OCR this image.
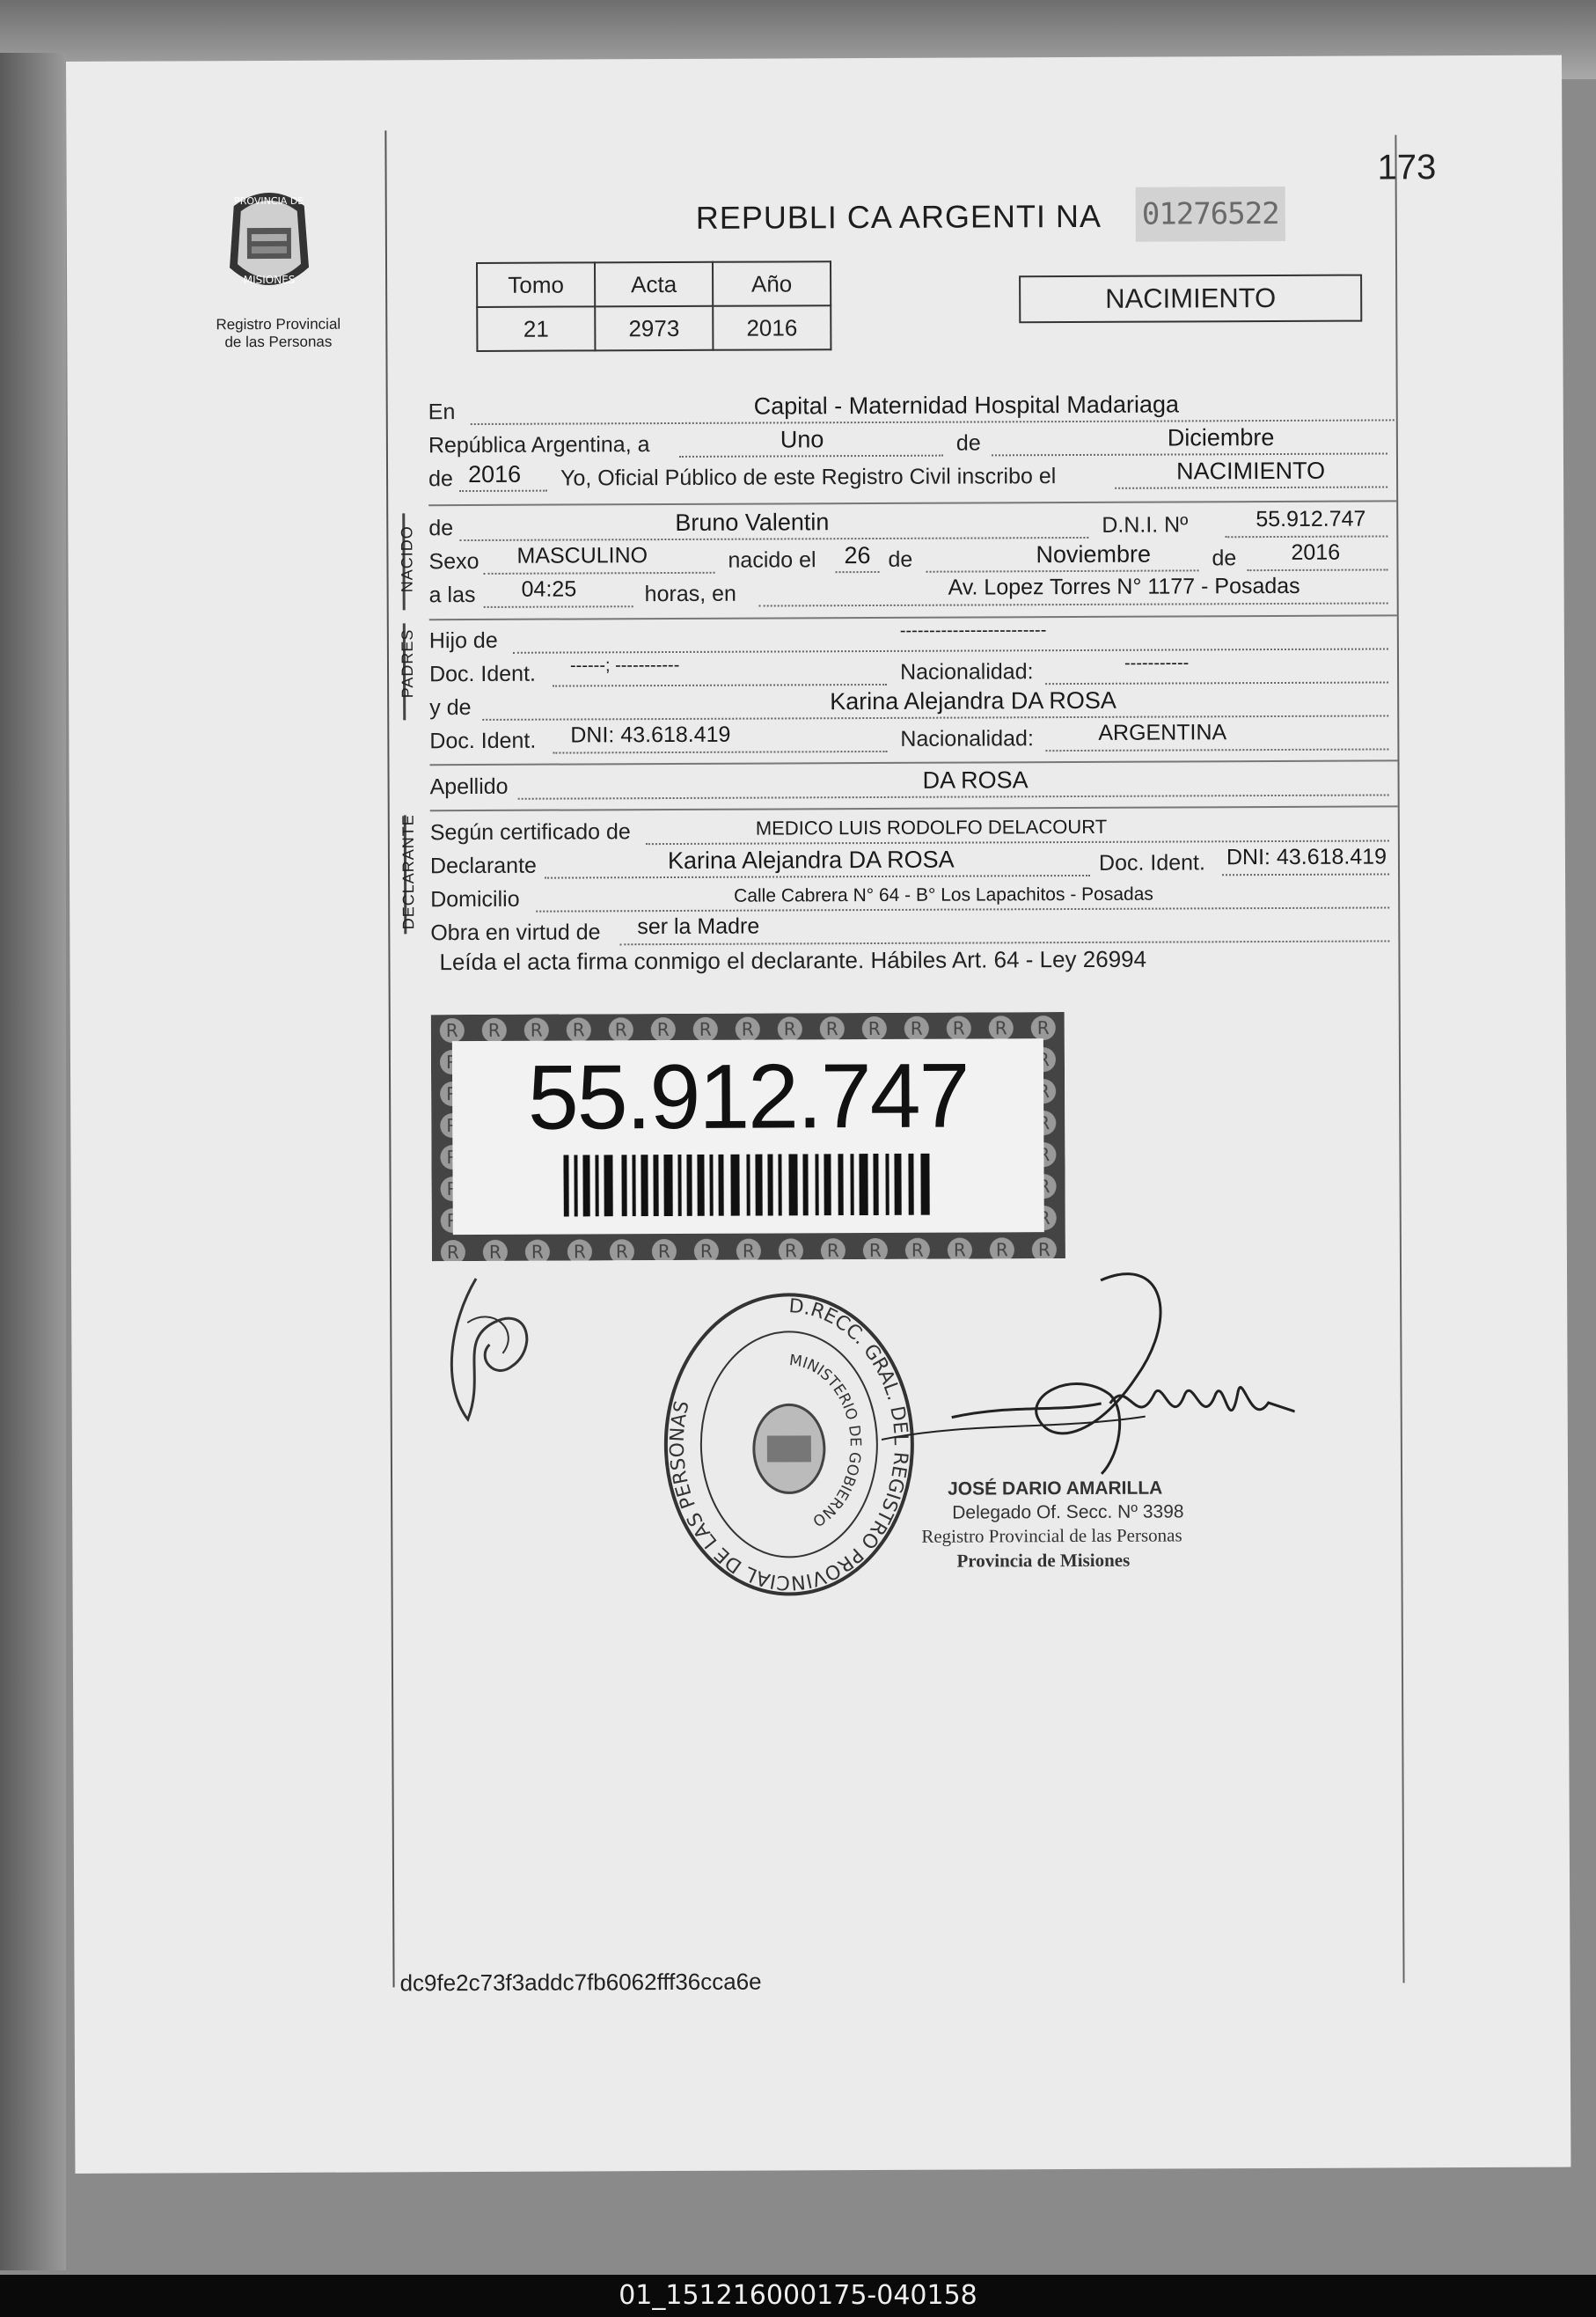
173
PROVINCIA DE
MISIONES
Registro Provincial
de las Personas
REPUBLI CA ARGENTI NA 01276522
Tomo	Acta	Año
21	2973	2016
NACIMIENTO
En	Capital - Maternidad Hospital Madariaga
República Argentina, a	Uno	de	Diciembre
de 2016 Yo, Oficial Público de este Registro Civil inscribo el	NACIMIENTO
NACIDO de	Bruno Valentin	D.N.I. Nº	55.912.747
Sexo MASCULINO	nacido el 26 de	Noviembre	de 2016
a las 04:25	horas, en	Av. Lopez Torres N° 1177 - Posadas
PADRES Hijo de	-------------------------
Doc. Ident. ------; -----------	Nacionalidad:	-----------
y de	Karina Alejandra DA ROSA
Doc. Ident. DNI: 43.618.419	Nacionalidad:	ARGENTINA
Apellido	DA ROSA
DECLARANTE Según certificado de	MEDICO LUIS RODOLFO DELACOURT
Declarante	Karina Alejandra DA ROSA	Doc. Ident. DNI: 43.618.419
Domicilio	Calle Cabrera N° 64 - B° Los Lapachitos - Posadas
Obra en virtud de ser la Madre
Leída el acta firma conmigo el declarante. Hábiles Art. 64 - Ley 26994
55.912.747
D.RECC. GRAL. DEL REGISTRO PROVINCIAL DE LAS PERSONAS
MINISTERIO DE GOBIERNO
JOSÉ DARIO AMARILLA
Delegado Of. Secc. Nº 3398
Registro Provincial de las Personas
Provincia de Misiones
dc9fe2c73f3addc7fb6062fff36cca6e
01_151216000175-040158
